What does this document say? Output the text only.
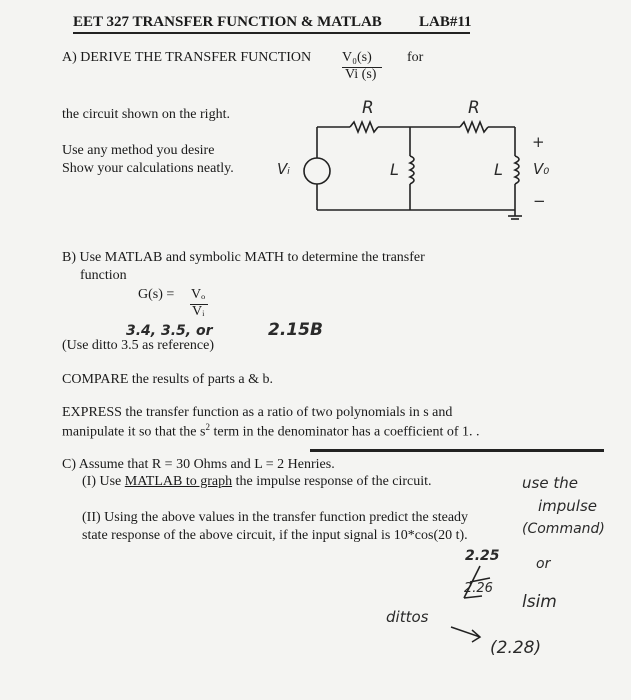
EET 327 TRANSFER FUNCTION & MATLAB LAB#11
A) DERIVE THE TRANSFER FUNCTION V₀(s)
Vi (s)
for
the circuit shown on the right.
Use any method you desire
Show your calculations neatly.
R	R
Vᵢ	L	L V₀
+
−
B) Use MATLAB and symbolic MATH to determine the transfer
function
G(s) = Vₒ
Vᵢ
3.4, 3.5, or	2.15B
(Use ditto 3.5 as reference)
COMPARE the results of parts a & b.
EXPRESS the transfer function as a ratio of two polynomials in s and
manipulate it so that the $s^2$ term in the denominator has a coefficient of 1. .
C) Assume that R = 30 Ohms and L = 2 Henries.
(I) Use MATLAB to graph the impulse response of the circuit.
(II) Using the above values in the transfer function predict the steady
state response of the above circuit, if the input signal is 10*cos(20 t).
use the
impulse
(Command)
or
lsim
2.25
2.26
dittos
(2.28)
